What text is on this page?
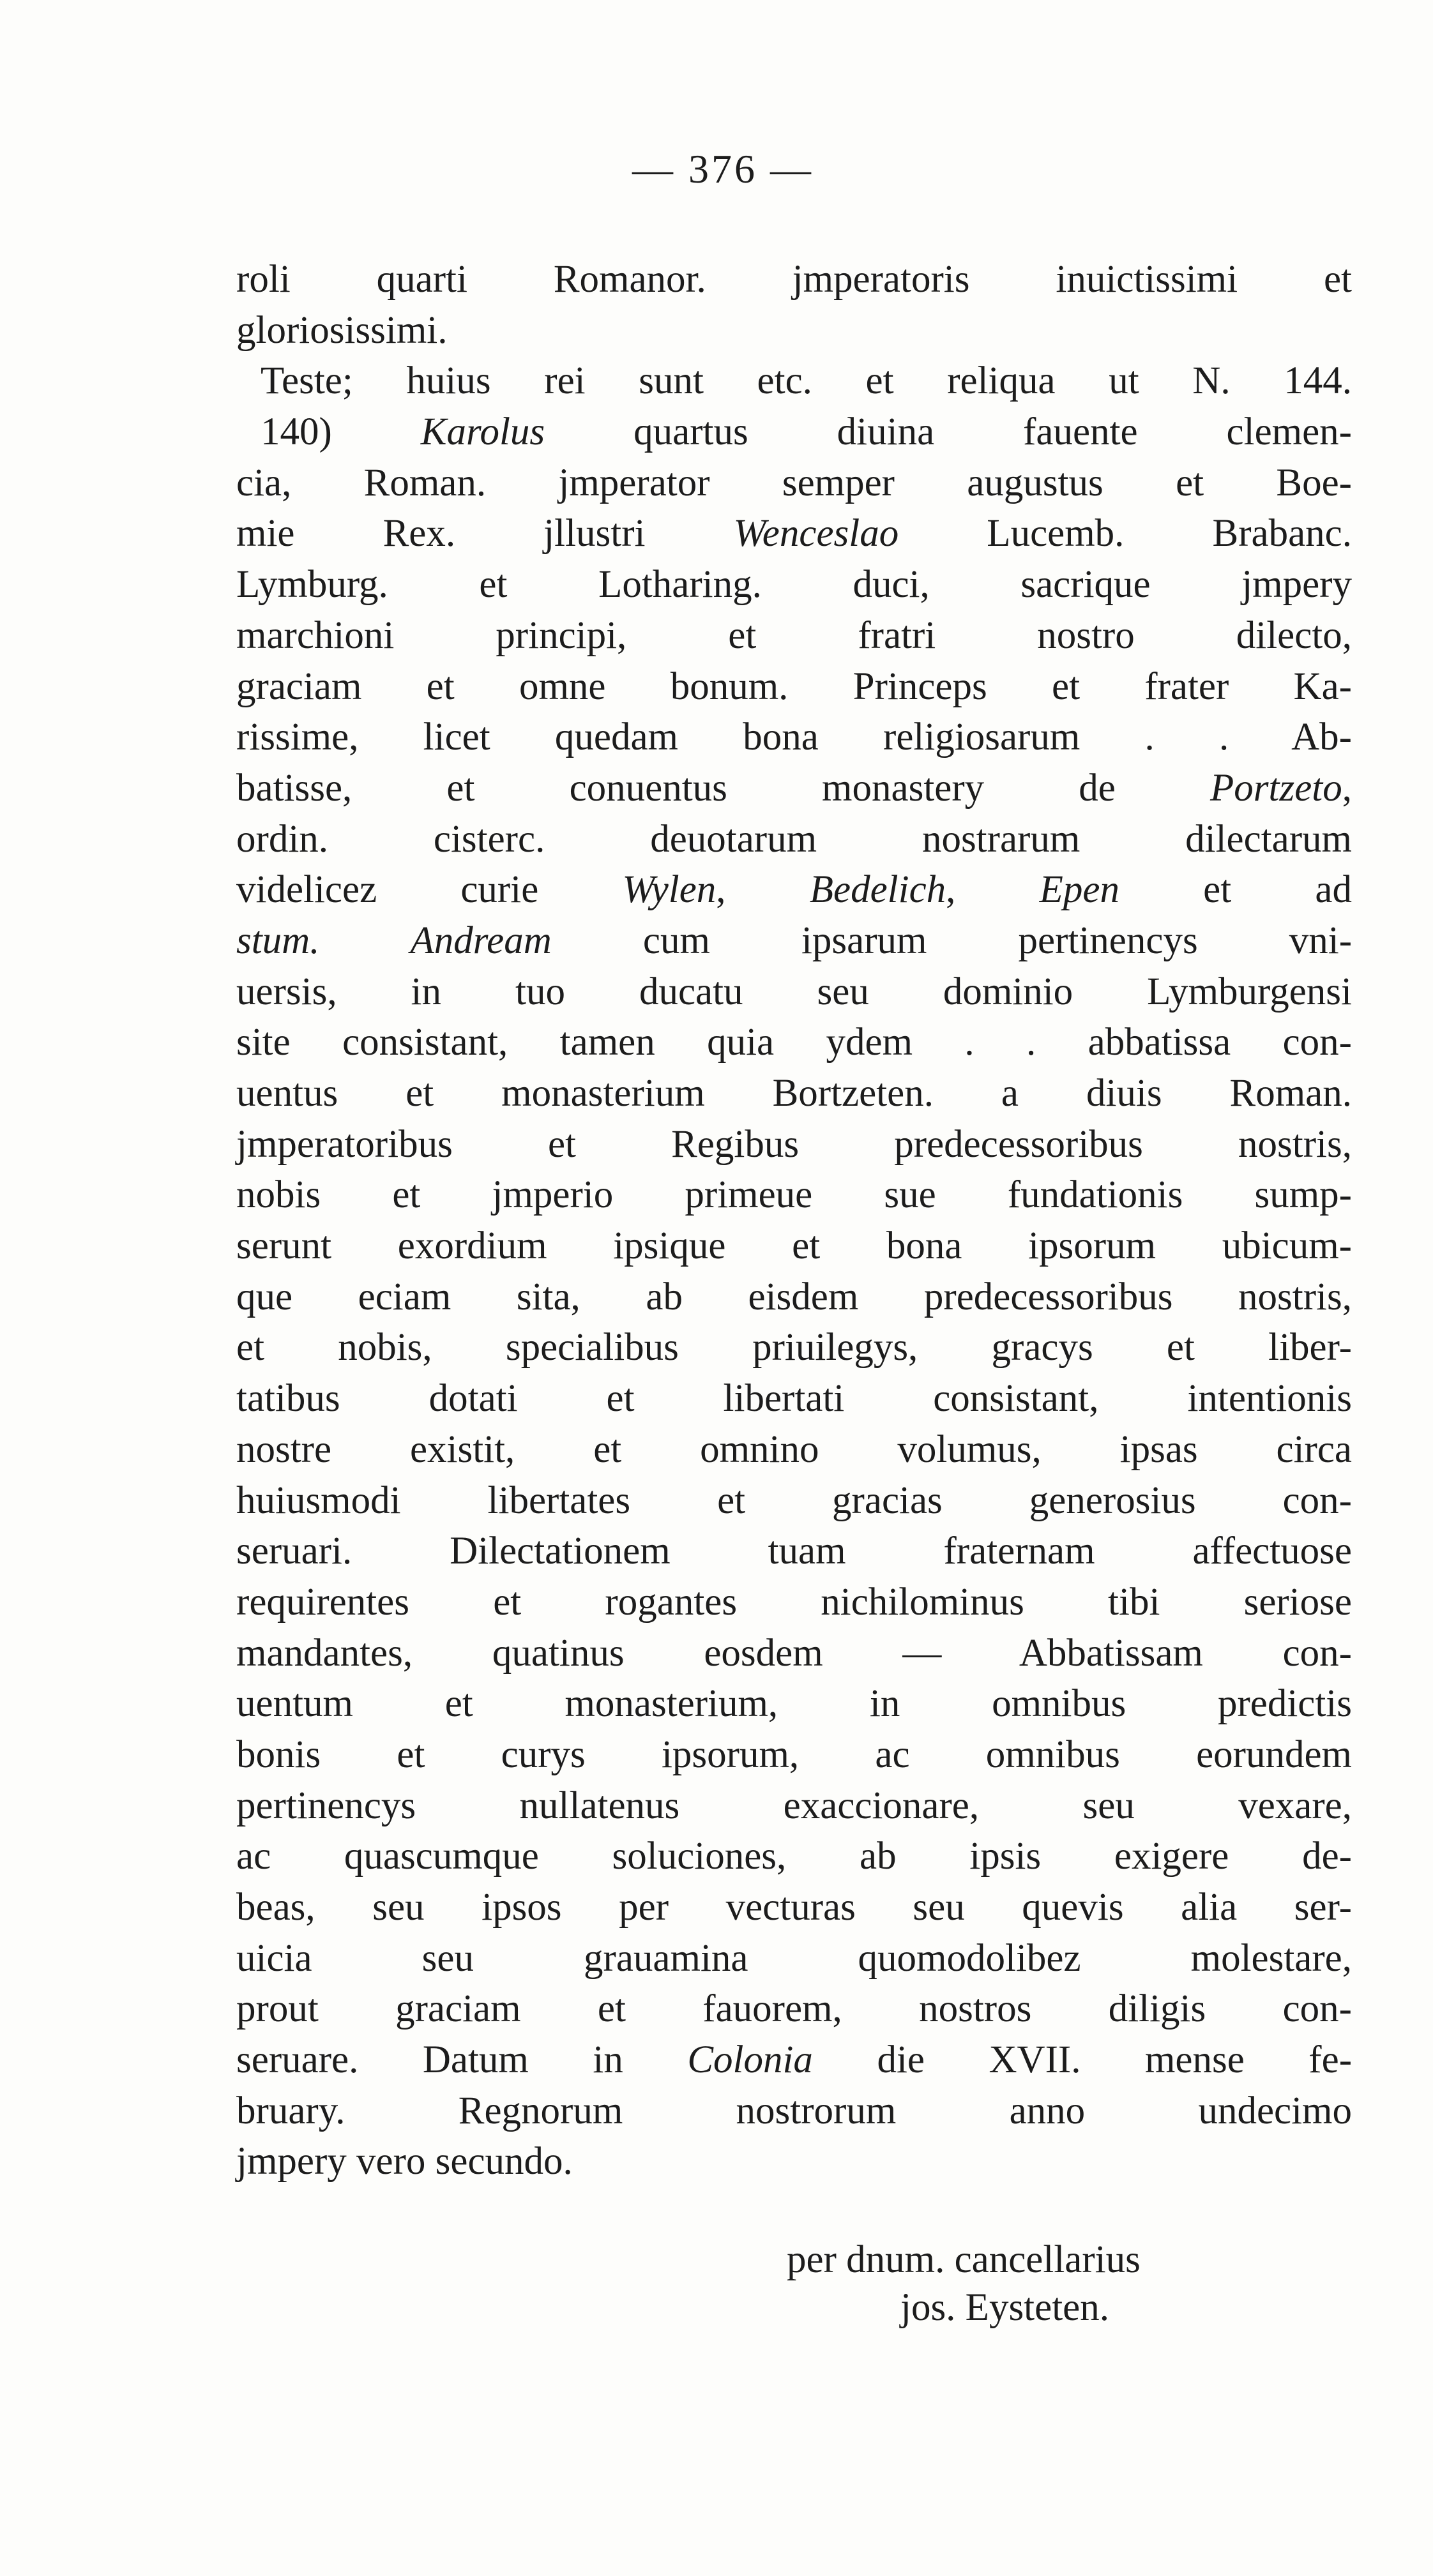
— 376 —
roli quarti Romanor. jmperatoris inuictissimi et
gloriosissimi.
Teste; huius rei sunt etc. et reliqua ut N. 144.
140) Karolus quartus diuina fauente clemen-
cia, Roman. jmperator semper augustus et Boe-
mie Rex. jllustri Wenceslao Lucemb. Brabanc.
Lymburg. et Lotharing. duci, sacrique jmpery
marchioni principi, et fratri nostro dilecto,
graciam et omne bonum. Princeps et frater Ka-
rissime, licet quedam bona religiosarum . . Ab-
batisse, et conuentus monastery de Portzeto,
ordin. cisterc. deuotarum nostrarum dilectarum
videlicez curie Wylen, Bedelich, Epen et ad
stum. Andream cum ipsarum pertinencys vni-
uersis, in tuo ducatu seu dominio Lymburgensi
site consistant, tamen quia ydem . . abbatissa con-
uentus et monasterium Bortzeten. a diuis Roman.
jmperatoribus et Regibus predecessoribus nostris,
nobis et jmperio primeue sue fundationis sump-
serunt exordium ipsique et bona ipsorum ubicum-
que eciam sita, ab eisdem predecessoribus nostris,
et nobis, specialibus priuilegys, gracys et liber-
tatibus dotati et libertati consistant, intentionis
nostre existit, et omnino volumus, ipsas circa
huiusmodi libertates et gracias generosius con-
seruari. Dilectationem tuam fraternam affectuose
requirentes et rogantes nichilominus tibi seriose
mandantes, quatinus eosdem — Abbatissam con-
uentum et monasterium, in omnibus predictis
bonis et curys ipsorum, ac omnibus eorundem
pertinencys nullatenus exaccionare, seu vexare,
ac quascumque soluciones, ab ipsis exigere de-
beas, seu ipsos per vecturas seu quevis alia ser-
uicia seu grauamina quomodolibez molestare,
prout graciam et fauorem, nostros diligis con-
seruare. Datum in Colonia die XVII. mense fe-
bruary. Regnorum nostrorum anno undecimo
jmpery vero secundo.
per dnum. cancellarius
jos. Eysteten.
